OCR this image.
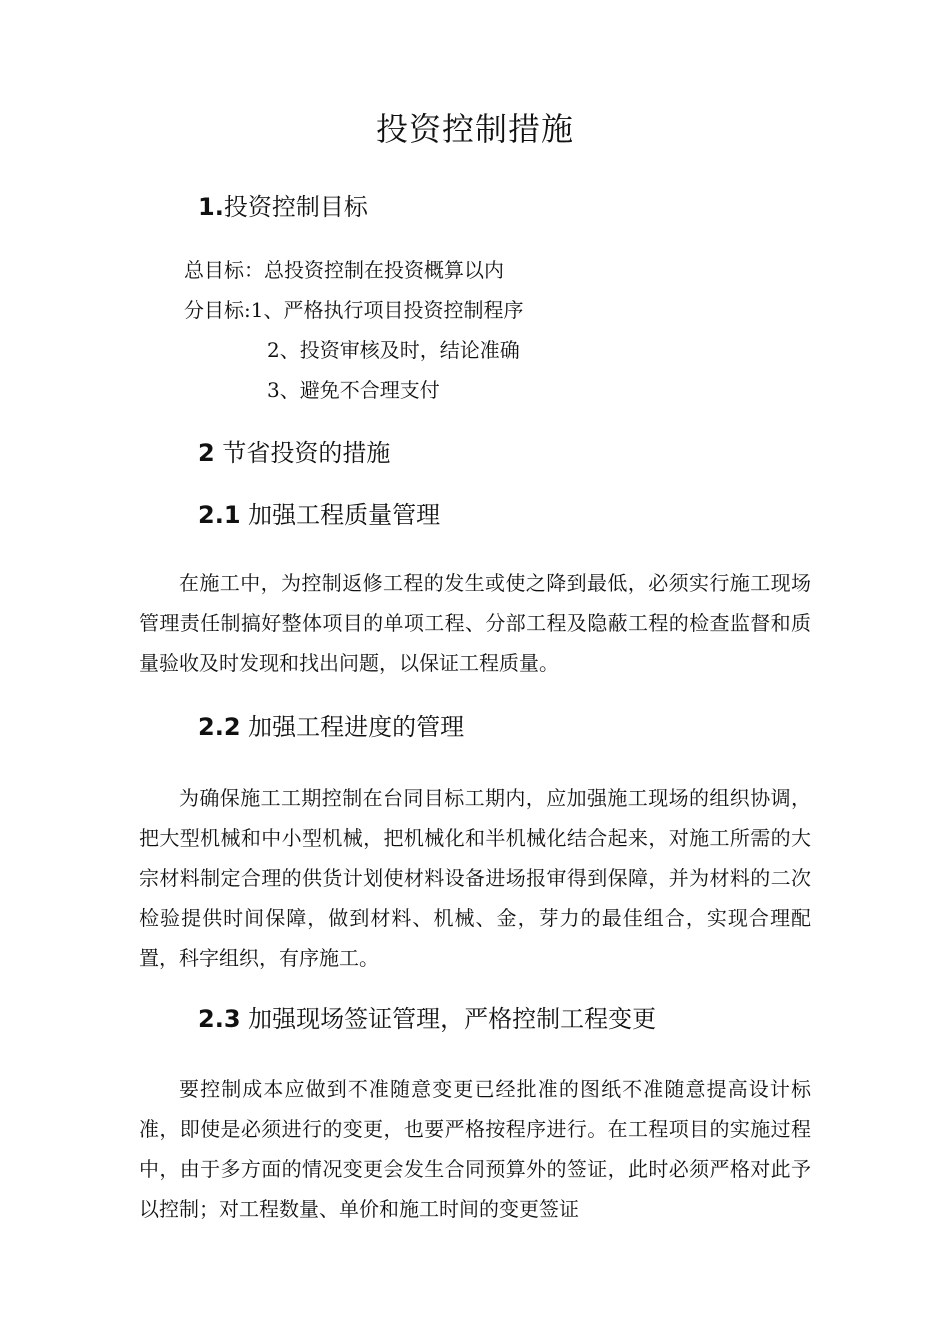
投资控制措施
1.投资控制目标
总目标：总投资控制在投资概算以内
分目标:1、严格执行项目投资控制程序
2、投资审核及时，结论准确
3、避免不合理支付
2 节省投资的措施
2.1 加强工程质量管理

在施工中，为控制返修工程的发生或使之降到最低，必须实行施工现场管理责任制搞好整体项目的单项工程、分部工程及隐蔽工程的检查监督和质量验收及时发现和找出问题，以保证工程质量。

2.2 加强工程进度的管理

为确保施工工期控制在台同目标工期内，应加强施工现场的组织协调，把大型机械和中小型机械，把机械化和半机械化结合起来，对施工所需的大宗材料制定合理的供货计划使材料设备进场报审得到保障，并为材料的二次检验提供时间保障，做到材料、机械、金，芽力的最佳组合，实现合理配置，科字组织，有序施工。

2.3 加强现场签证管理，严格控制工程变更

要控制成本应做到不准随意变更已经批准的图纸不准随意提高设计标准，即使是必须进行的变更，也要严格按程序进行。在工程项目的实施过程中，由于多方面的情况变更会发生合同预算外的签证，此时必须严格对此予以控制；对工程数量、单价和施工时间的变更签证
